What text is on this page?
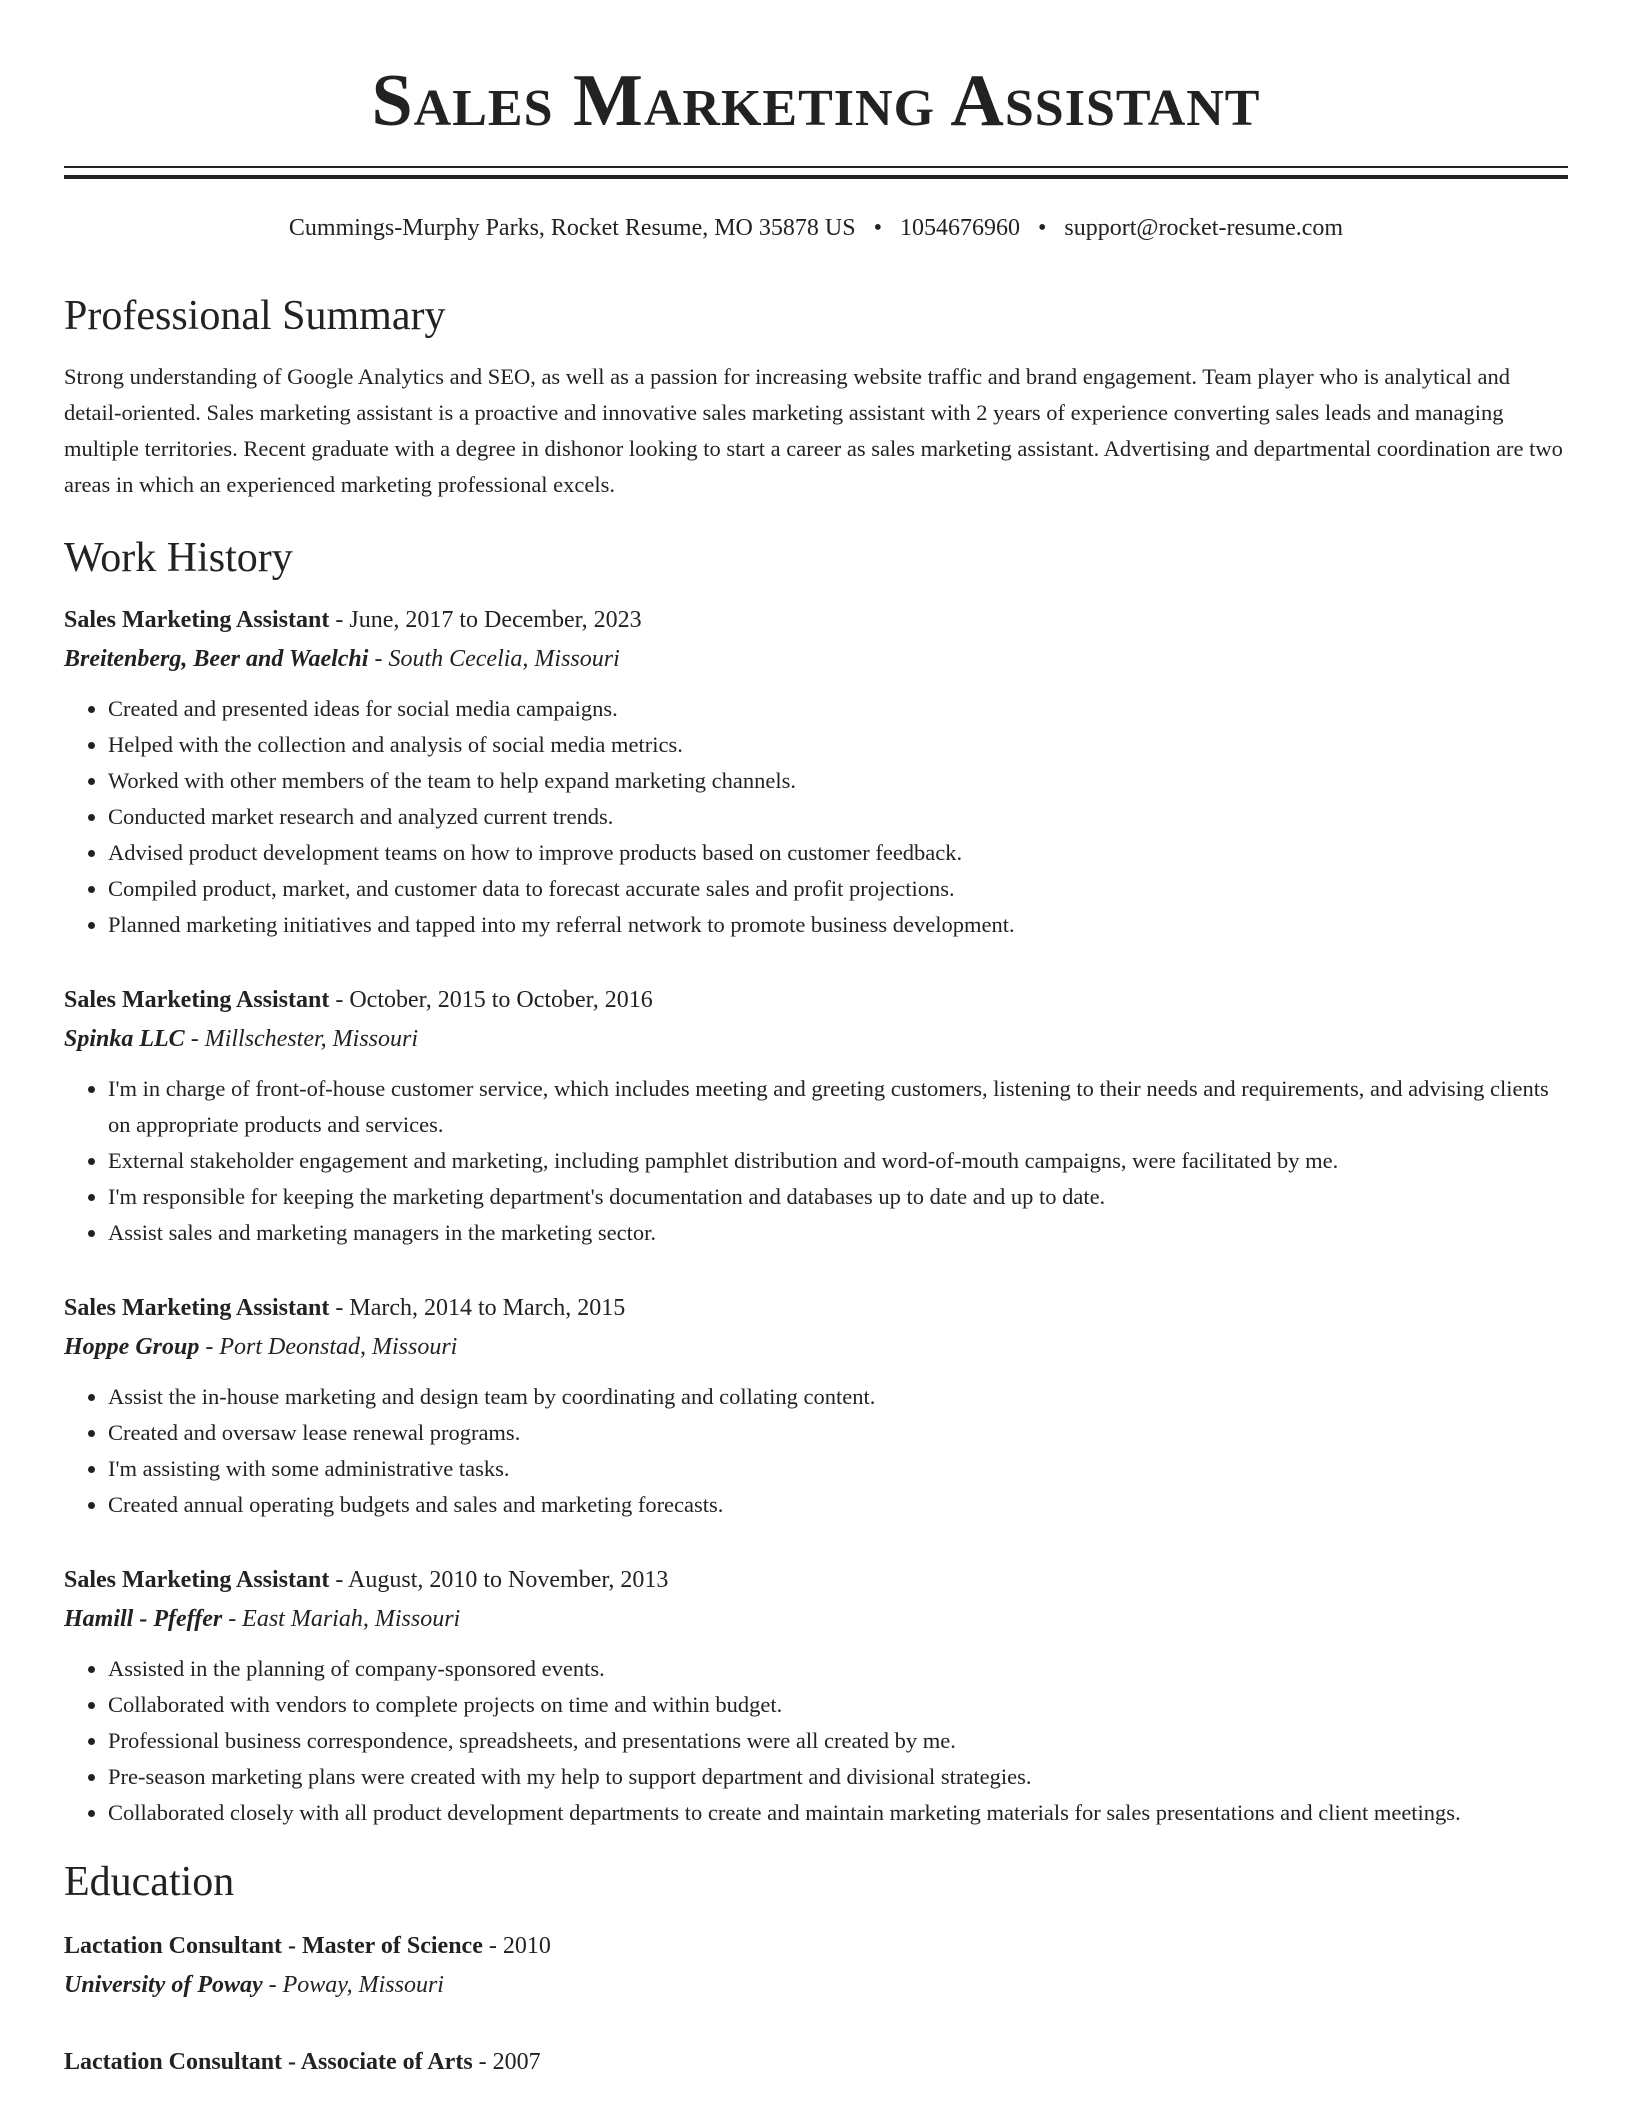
Sales Marketing Assistant
Cummings-Murphy Parks, Rocket Resume, MO 35878 US • 1054676960 • support@rocket-resume.com
Professional Summary

Strong understanding of Google Analytics and SEO, as well as a passion for increasing website traffic and brand engagement. Team player who is analytical and detail-oriented. Sales marketing assistant is a proactive and innovative sales marketing assistant with 2 years of experience converting sales leads and managing multiple territories. Recent graduate with a degree in dishonor looking to start a career as sales marketing assistant. Advertising and departmental coordination are two areas in which an experienced marketing professional excels.

Work History
Sales Marketing Assistant - June, 2017 to December, 2023
Breitenberg, Beer and Waelchi - South Cecelia, Missouri
• Created and presented ideas for social media campaigns.
• Helped with the collection and analysis of social media metrics.
• Worked with other members of the team to help expand marketing channels.
• Conducted market research and analyzed current trends.
• Advised product development teams on how to improve products based on customer feedback.
• Compiled product, market, and customer data to forecast accurate sales and profit projections.
• Planned marketing initiatives and tapped into my referral network to promote business development.
Sales Marketing Assistant - October, 2015 to October, 2016
Spinka LLC - Millschester, Missouri
• I'm in charge of front-of-house customer service, which includes meeting and greeting customers, listening to their needs and requirements, and advising clients on appropriate products and services.
• External stakeholder engagement and marketing, including pamphlet distribution and word-of-mouth campaigns, were facilitated by me.
• I'm responsible for keeping the marketing department's documentation and databases up to date and up to date.
• Assist sales and marketing managers in the marketing sector.
Sales Marketing Assistant - March, 2014 to March, 2015
Hoppe Group - Port Deonstad, Missouri
• Assist the in-house marketing and design team by coordinating and collating content.
• Created and oversaw lease renewal programs.
• I'm assisting with some administrative tasks.
• Created annual operating budgets and sales and marketing forecasts.
Sales Marketing Assistant - August, 2010 to November, 2013
Hamill - Pfeffer - East Mariah, Missouri
• Assisted in the planning of company-sponsored events.
• Collaborated with vendors to complete projects on time and within budget.
• Professional business correspondence, spreadsheets, and presentations were all created by me.
• Pre-season marketing plans were created with my help to support department and divisional strategies.
• Collaborated closely with all product development departments to create and maintain marketing materials for sales presentations and client meetings.
Education
Lactation Consultant - Master of Science - 2010
University of Poway - Poway, Missouri
Lactation Consultant - Associate of Arts - 2007
